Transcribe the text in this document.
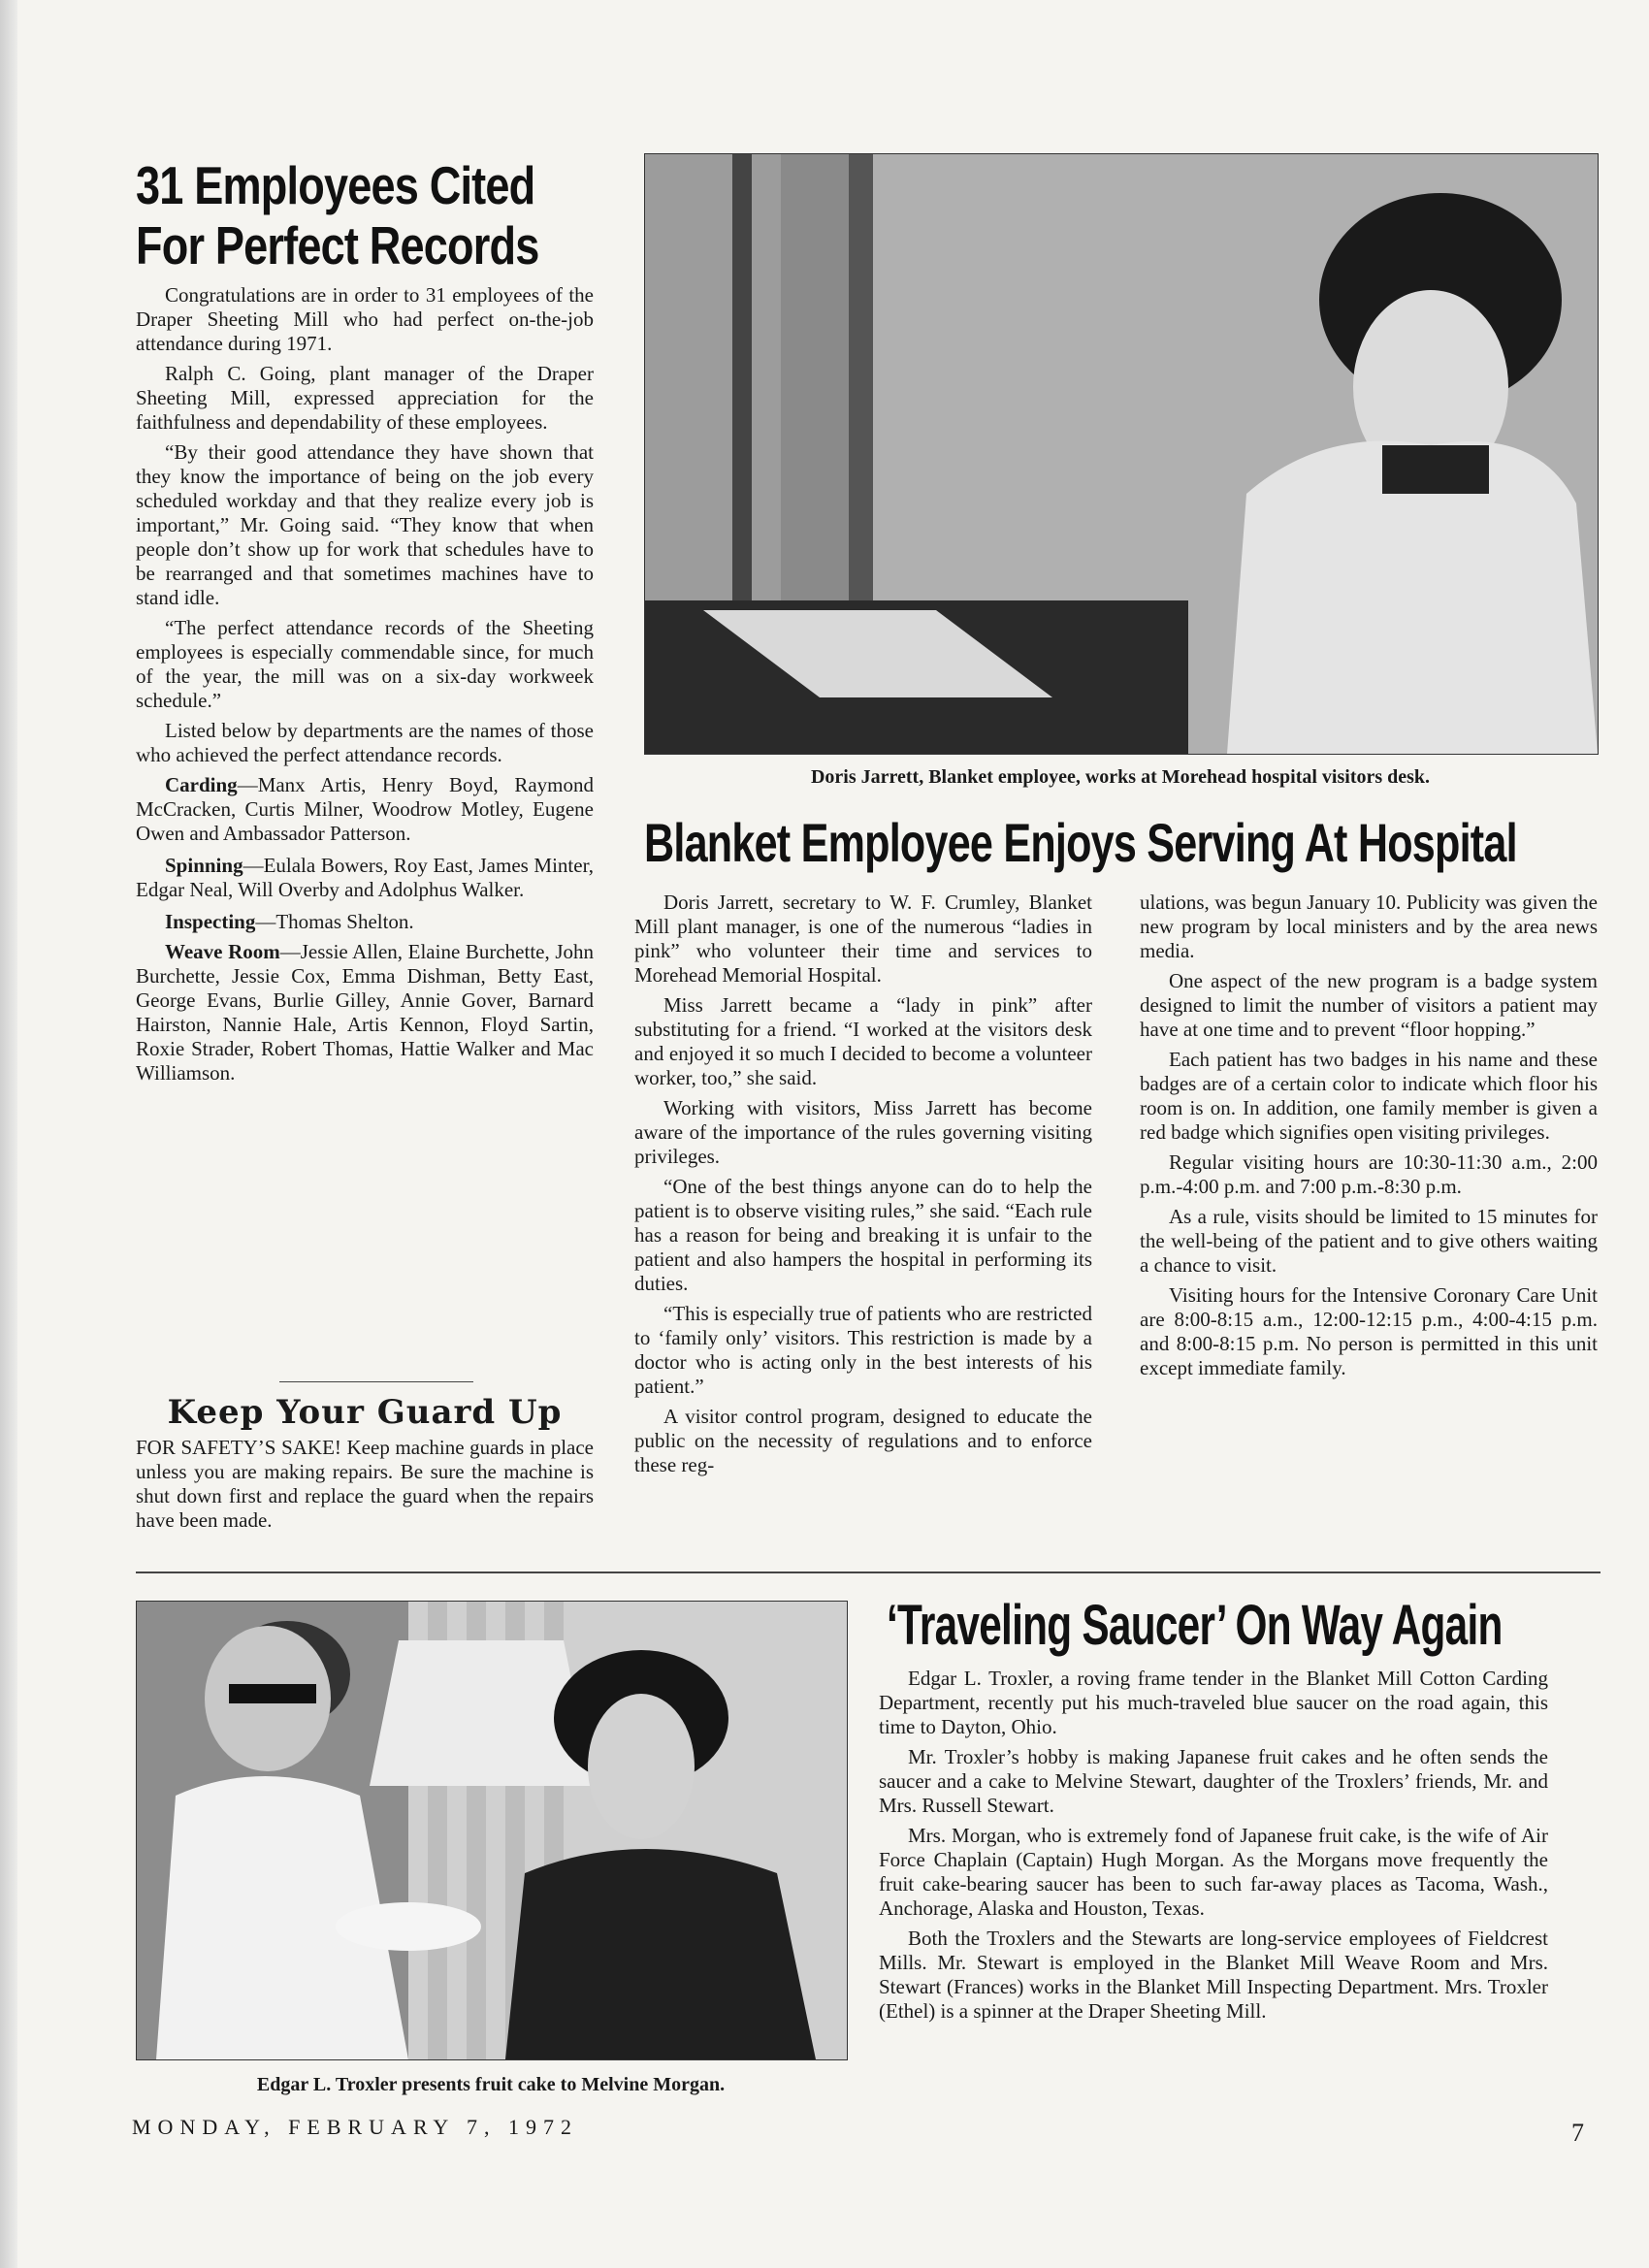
31 Employees Cited
For Perfect Records

Congratulations are in order to 31 employees of the Draper Sheeting Mill who had perfect on-the-job attendance during 1971.

Ralph C. Going, plant manager of the Draper Sheeting Mill, expressed appreciation for the faithfulness and dependability of these employees.

“By their good attendance they have shown that they know the importance of being on the job every scheduled workday and that they realize every job is important,” Mr. Going said. “They know that when people don’t show up for work that schedules have to be rearranged and that sometimes machines have to stand idle.

“The perfect attendance records of the Sheeting employees is especially commendable since, for much of the year, the mill was on a six-day workweek schedule.”

Listed below by departments are the names of those who achieved the perfect attendance records.

Carding—Manx Artis, Henry Boyd, Raymond McCracken, Curtis Milner, Woodrow Motley, Eugene Owen and Ambassador Patterson.

Spinning—Eulala Bowers, Roy East, James Minter, Edgar Neal, Will Overby and Adolphus Walker.

Inspecting—Thomas Shelton.

Weave Room—Jessie Allen, Elaine Burchette, John Burchette, Jessie Cox, Emma Dishman, Betty East, George Evans, Burlie Gilley, Annie Gover, Barnard Hairston, Nannie Hale, Artis Kennon, Floyd Sartin, Roxie Strader, Robert Thomas, Hattie Walker and Mac Williamson.

Keep Your Guard Up

FOR SAFETY’S SAKE! Keep machine guards in place unless you are making repairs. Be sure the machine is shut down first and replace the guard when the repairs have been made.

Doris Jarrett, Blanket employee, works at Morehead hospital visitors desk.

Blanket Employee Enjoys Serving At Hospital

Doris Jarrett, secretary to W. F. Crumley, Blanket Mill plant manager, is one of the numerous “ladies in pink” who volunteer their time and services to Morehead Memorial Hospital.

Miss Jarrett became a “lady in pink” after substituting for a friend. “I worked at the visitors desk and enjoyed it so much I decided to become a volunteer worker, too,” she said.

Working with visitors, Miss Jarrett has become aware of the importance of the rules governing visiting privileges.

“One of the best things anyone can do to help the patient is to observe visiting rules,” she said. “Each rule has a reason for being and breaking it is unfair to the patient and also hampers the hospital in performing its duties.

“This is especially true of patients who are restricted to ‘family only’ visitors. This restriction is made by a doctor who is acting only in the best interests of his patient.”

A visitor control program, designed to educate the public on the necessity of regulations and to enforce these reg-

ulations, was begun January 10. Publicity was given the new program by local ministers and by the area news media.

One aspect of the new program is a badge system designed to limit the number of visitors a patient may have at one time and to prevent “floor hopping.”

Each patient has two badges in his name and these badges are of a certain color to indicate which floor his room is on. In addition, one family member is given a red badge which signifies open visiting privileges.

Regular visiting hours are 10:30-11:30 a.m., 2:00 p.m.-4:00 p.m. and 7:00 p.m.-8:30 p.m.

As a rule, visits should be limited to 15 minutes for the well-being of the patient and to give others waiting a chance to visit.

Visiting hours for the Intensive Coronary Care Unit are 8:00-8:15 a.m., 12:00-12:15 p.m., 4:00-4:15 p.m. and 8:00-8:15 p.m. No person is permitted in this unit except immediate family.

Edgar L. Troxler presents fruit cake to Melvine Morgan.

‘Traveling Saucer’ On Way Again

Edgar L. Troxler, a roving frame tender in the Blanket Mill Cotton Carding Department, recently put his much-traveled blue saucer on the road again, this time to Dayton, Ohio.

Mr. Troxler’s hobby is making Japanese fruit cakes and he often sends the saucer and a cake to Melvine Stewart, daughter of the Troxlers’ friends, Mr. and Mrs. Russell Stewart.

Mrs. Morgan, who is extremely fond of Japanese fruit cake, is the wife of Air Force Chaplain (Captain) Hugh Morgan. As the Morgans move frequently the fruit cake-bearing saucer has been to such far-away places as Tacoma, Wash., Anchorage, Alaska and Houston, Texas.

Both the Troxlers and the Stewarts are long-service employees of Fieldcrest Mills. Mr. Stewart is employed in the Blanket Mill Weave Room and Mrs. Stewart (Frances) works in the Blanket Mill Inspecting Department. Mrs. Troxler (Ethel) is a spinner at the Draper Sheeting Mill.

MONDAY, FEBRUARY 7, 1972	7
